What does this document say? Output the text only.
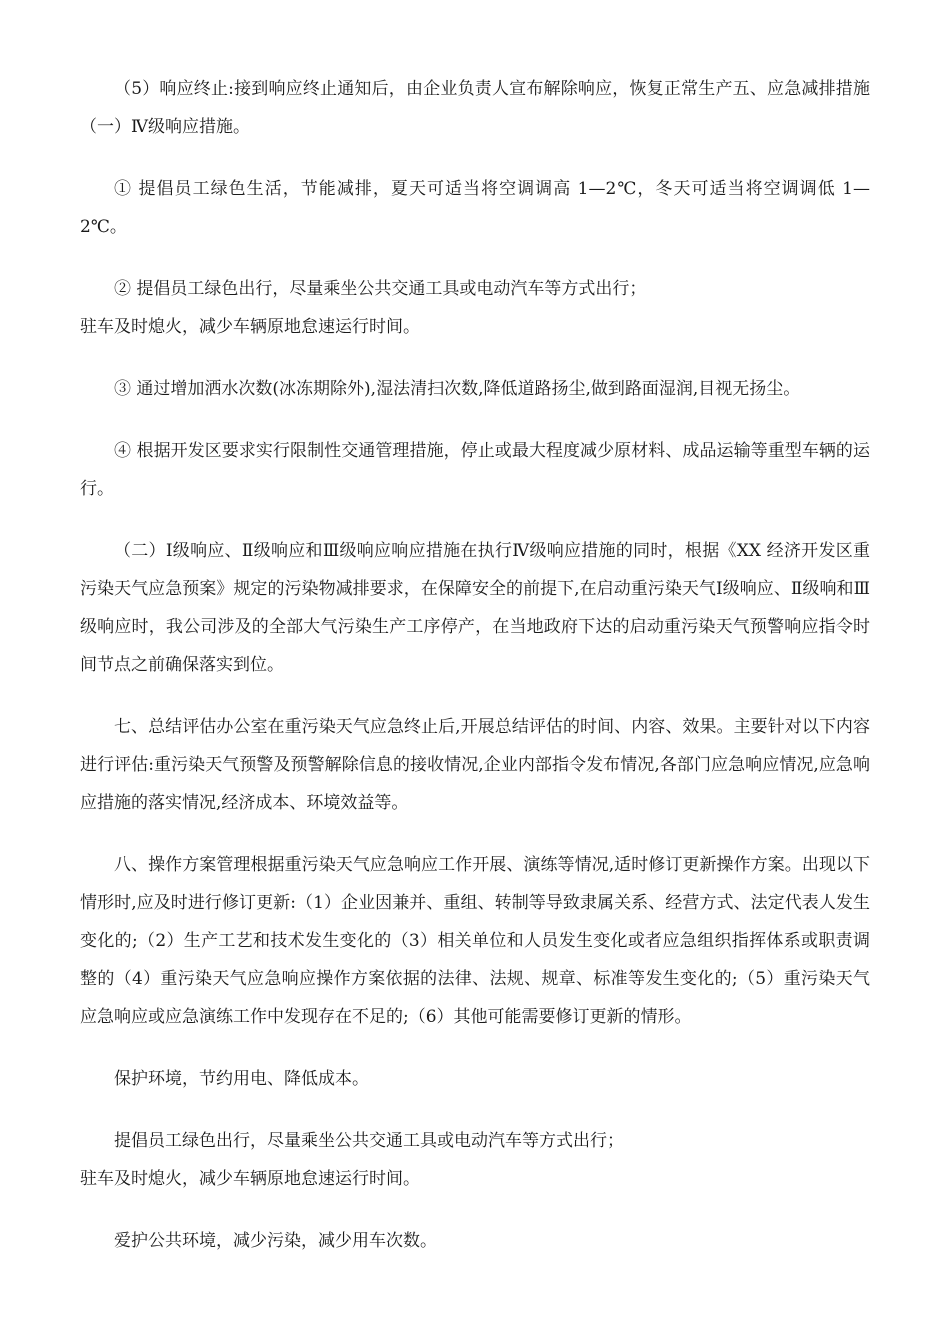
（5）响应终止:接到响应终止通知后，由企业负责人宣布解除响应，恢复正常生产五、应急减排措施（一）Ⅳ级响应措施。

① 提倡员工绿色生活，节能减排，夏天可适当将空调调高 1—2℃，冬天可适当将空调调低 1—2℃。

② 提倡员工绿色出行，尽量乘坐公共交通工具或电动汽车等方式出行；

驻车及时熄火，减少车辆原地怠速运行时间。

③ 通过增加洒水次数(冰冻期除外),湿法清扫次数,降低道路扬尘,做到路面湿润,目视无扬尘。

④ 根据开发区要求实行限制性交通管理措施，停止或最大程度减少原材料、成品运输等重型车辆的运行。

（二）Ⅰ级响应、Ⅱ级响应和Ⅲ级响应响应措施在执行Ⅳ级响应措施的同时，根据《XX 经济开发区重污染天气应急预案》规定的污染物减排要求，在保障安全的前提下,在启动重污染天气Ⅰ级响应、Ⅱ级响和Ⅲ级响应时，我公司涉及的全部大气污染生产工序停产，在当地政府下达的启动重污染天气预警响应指令时间节点之前确保落实到位。

七、总结评估办公室在重污染天气应急终止后,开展总结评估的时间、内容、效果。主要针对以下内容进行评估:重污染天气预警及预警解除信息的接收情况,企业内部指令发布情况,各部门应急响应情况,应急响应措施的落实情况,经济成本、环境效益等。

八、操作方案管理根据重污染天气应急响应工作开展、演练等情况,适时修订更新操作方案。出现以下情形时,应及时进行修订更新:（1）企业因兼并、重组、转制等导致隶属关系、经营方式、法定代表人发生变化的;（2）生产工艺和技术发生变化的（3）相关单位和人员发生变化或者应急组织指挥体系或职责调整的（4）重污染天气应急响应操作方案依据的法律、法规、规章、标准等发生变化的;（5）重污染天气应急响应或应急演练工作中发现存在不足的;（6）其他可能需要修订更新的情形。

保护环境，节约用电、降低成本。

提倡员工绿色出行，尽量乘坐公共交通工具或电动汽车等方式出行；

驻车及时熄火，减少车辆原地怠速运行时间。

爱护公共环境，减少污染，减少用车次数。
